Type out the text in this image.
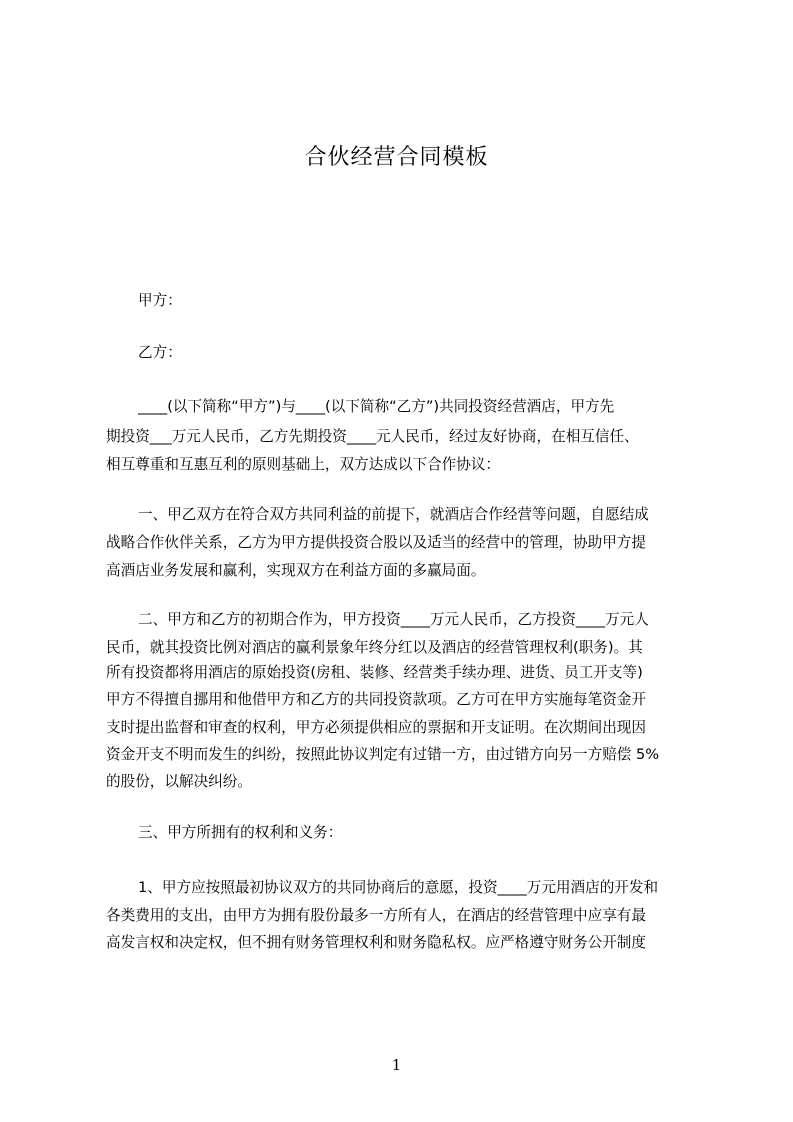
合伙经营合同模板
甲方：
乙方：
____(以下简称“甲方”)与____(以下简称“乙方”)共同投资经营酒店，甲方先
期投资___万元人民币，乙方先期投资____元人民币，经过友好协商，在相互信任、
相互尊重和互惠互利的原则基础上，双方达成以下合作协议：
一、甲乙双方在符合双方共同利益的前提下，就酒店合作经营等问题，自愿结成
战略合作伙伴关系，乙方为甲方提供投资合股以及适当的经营中的管理，协助甲方提
高酒店业务发展和赢利，实现双方在利益方面的多赢局面。
二、甲方和乙方的初期合作为，甲方投资____万元人民币，乙方投资____万元人
民币，就其投资比例对酒店的赢利景象年终分红以及酒店的经营管理权利(职务)。其
所有投资都将用酒店的原始投资(房租、装修、经营类手续办理、进货、员工开支等)
甲方不得擅自挪用和他借甲方和乙方的共同投资款项。乙方可在甲方实施每笔资金开
支时提出监督和审查的权利，甲方必须提供相应的票据和开支证明。在次期间出现因
资金开支不明而发生的纠纷，按照此协议判定有过错一方，由过错方向另一方赔偿 5%
的股份，以解决纠纷。
三、甲方所拥有的权利和义务：
1、甲方应按照最初协议双方的共同协商后的意愿，投资____万元用酒店的开发和
各类费用的支出，由甲方为拥有股份最多一方所有人，在酒店的经营管理中应享有最
高发言权和决定权，但不拥有财务管理权利和财务隐私权。应严格遵守财务公开制度
1
